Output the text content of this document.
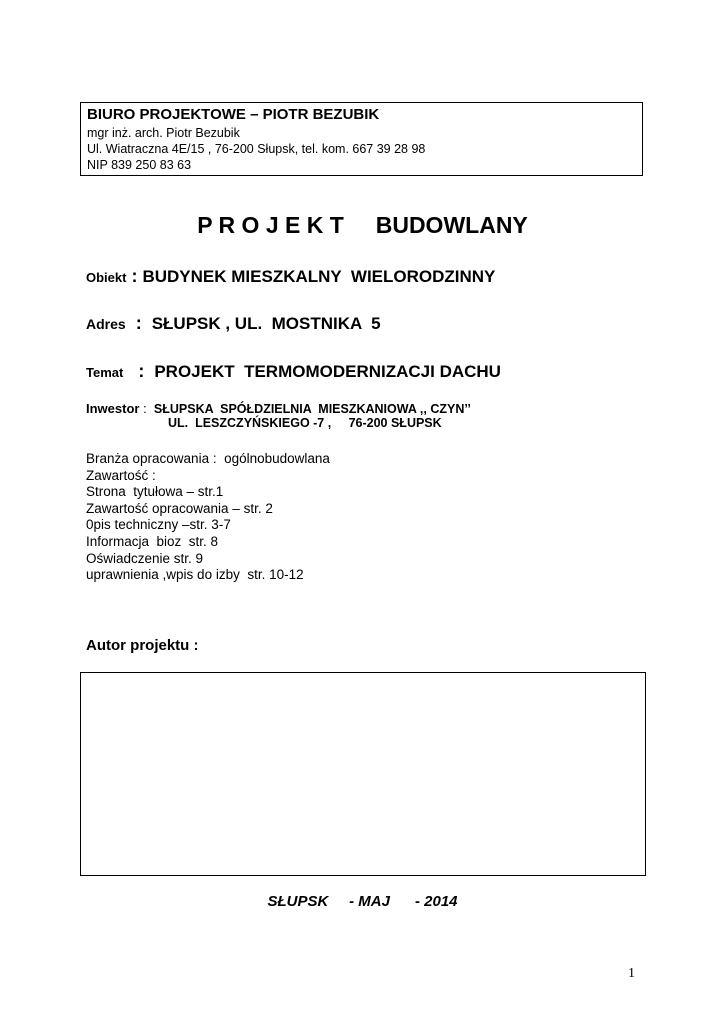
BIURO PROJEKTOWE – PIOTR BEZUBIK
mgr inż. arch. Piotr Bezubik
Ul. Wiatraczna 4E/15 , 76-200 Słupsk, tel. kom. 667 39 28 98
NIP 839 250 83 63
P R O J E K T     BUDOWLANY
Obiekt : BUDYNEK MIESZKALNY  WIELORODZINNY
Adres  :  SŁUPSK , UL.  MOSTNIKA  5
Temat   :  PROJEKT  TERMOMODERNIZACJI DACHU
Inwestor :  SŁUPSKA  SPÓŁDZIELNIA  MIESZKANIOWA ,, CZYN’’
UL.  LESZCZYŃSKIEGO -7 ,     76-200 SŁUPSK
Branża opracowania :  ogólnobudowlana
Zawartość :
Strona  tytułowa – str.1
Zawartość opracowania – str. 2
0pis techniczny –str. 3-7
Informacja  bioz  str. 8
Oświadczenie str. 9
uprawnienia ,wpis do izby  str. 10-12
Autor projektu :
SŁUPSK     - MAJ      - 2014
1
